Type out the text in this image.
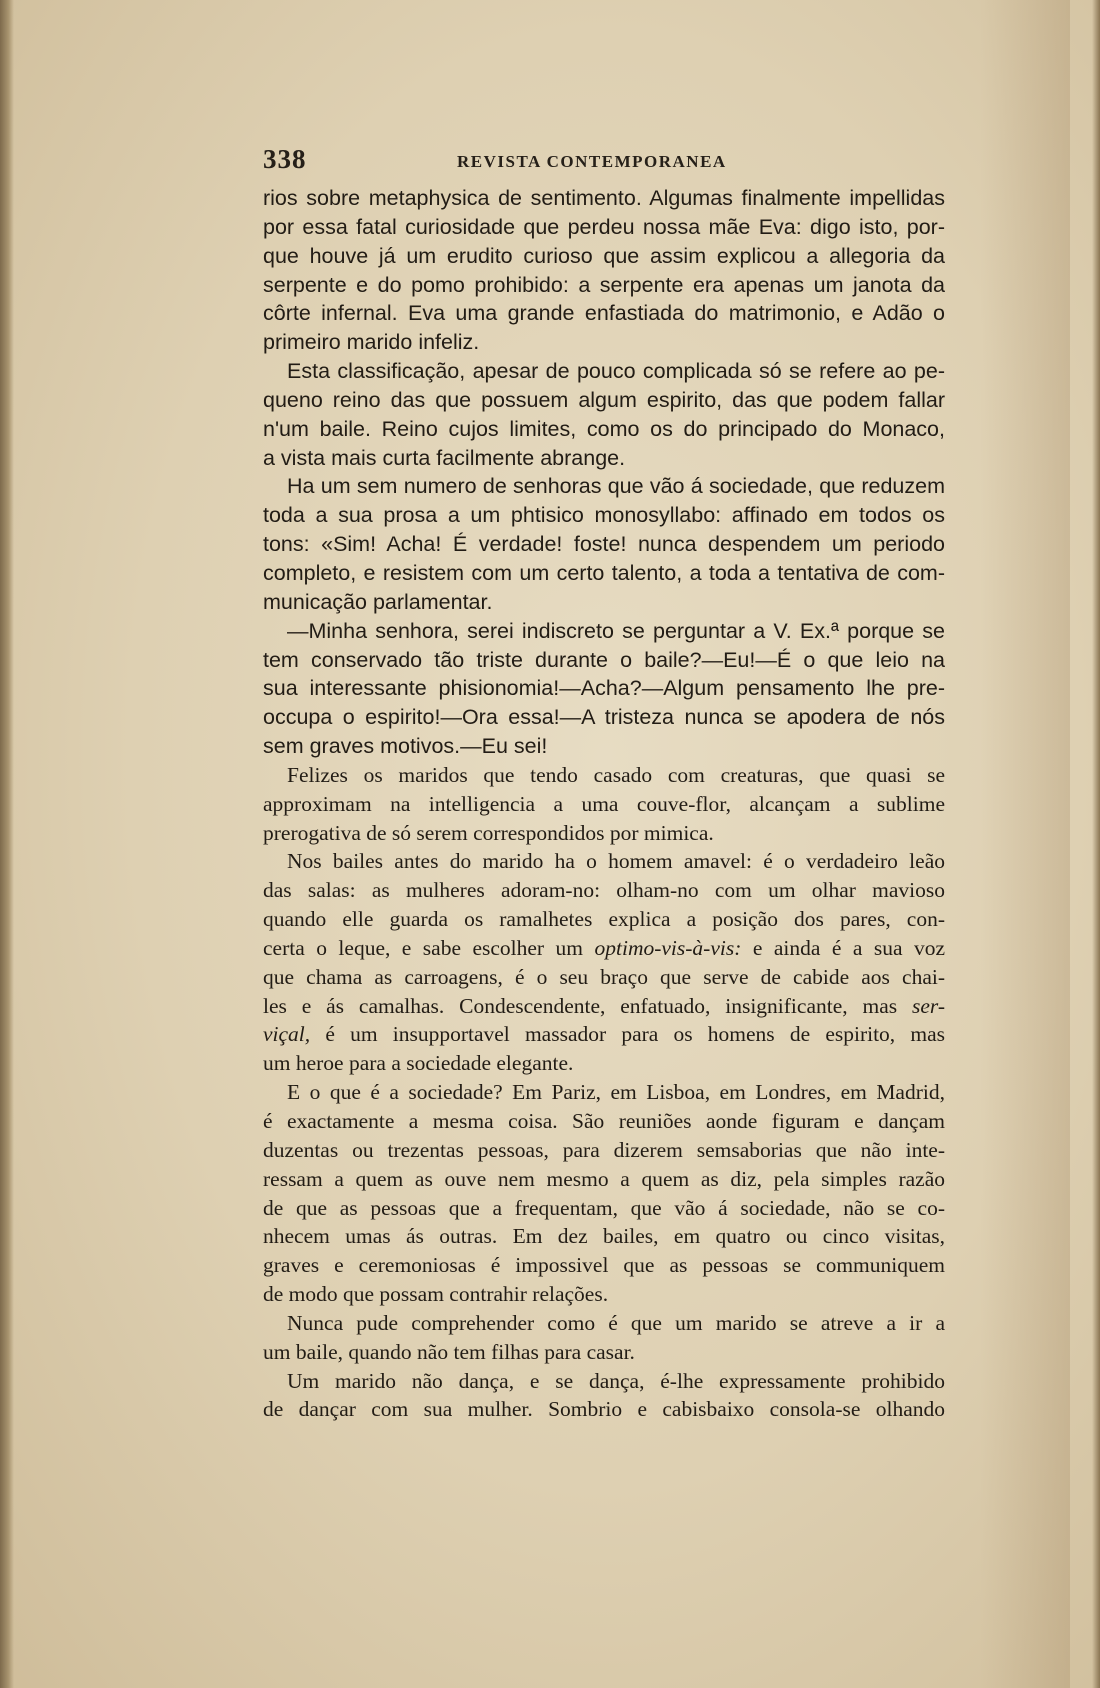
338	REVISTA CONTEMPORANEA
rios sobre metaphysica de sentimento. Algumas finalmente impellidas
por essa fatal curiosidade que perdeu nossa mãe Eva: digo isto, por-
que houve já um erudito curioso que assim explicou a allegoria da
serpente e do pomo prohibido: a serpente era apenas um janota da
côrte infernal. Eva uma grande enfastiada do matrimonio, e Adão o
primeiro marido infeliz.
Esta classificação, apesar de pouco complicada só se refere ao pe-
queno reino das que possuem algum espirito, das que podem fallar
n'um baile. Reino cujos limites, como os do principado do Monaco,
a vista mais curta facilmente abrange.
Ha um sem numero de senhoras que vão á sociedade, que reduzem
toda a sua prosa a um phtisico monosyllabo: affinado em todos os
tons: «Sim! Acha! É verdade! foste! nunca despendem um periodo
completo, e resistem com um certo talento, a toda a tentativa de com-
municação parlamentar.
—Minha senhora, serei indiscreto se perguntar a V. Ex.ª porque se
tem conservado tão triste durante o baile?—Eu!—É o que leio na
sua interessante phisionomia!—Acha?—Algum pensamento lhe pre-
occupa o espirito!—Ora essa!—A tristeza nunca se apodera de nós
sem graves motivos.—Eu sei!
Felizes os maridos que tendo casado com creaturas, que quasi se
approximam na intelligencia a uma couve-flor, alcançam a sublime
prerogativa de só serem correspondidos por mimica.
Nos bailes antes do marido ha o homem amavel: é o verdadeiro leão
das salas: as mulheres adoram-no: olham-no com um olhar mavioso
quando elle guarda os ramalhetes explica a posição dos pares, con-
certa o leque, e sabe escolher um optimo-vis-à-vis: e ainda é a sua voz
que chama as carroagens, é o seu braço que serve de cabide aos chai-
les e ás camalhas. Condescendente, enfatuado, insignificante, mas ser-
viçal, é um insupportavel massador para os homens de espirito, mas
um heroe para a sociedade elegante.
E o que é a sociedade? Em Pariz, em Lisboa, em Londres, em Madrid,
é exactamente a mesma coisa. São reuniões aonde figuram e dançam
duzentas ou trezentas pessoas, para dizerem semsaborias que não inte-
ressam a quem as ouve nem mesmo a quem as diz, pela simples razão
de que as pessoas que a frequentam, que vão á sociedade, não se co-
nhecem umas ás outras. Em dez bailes, em quatro ou cinco visitas,
graves e ceremoniosas é impossivel que as pessoas se communiquem
de modo que possam contrahir relações.
Nunca pude comprehender como é que um marido se atreve a ir a
um baile, quando não tem filhas para casar.
Um marido não dança, e se dança, é-lhe expressamente prohibido
de dançar com sua mulher. Sombrio e cabisbaixo consola-se olhando
